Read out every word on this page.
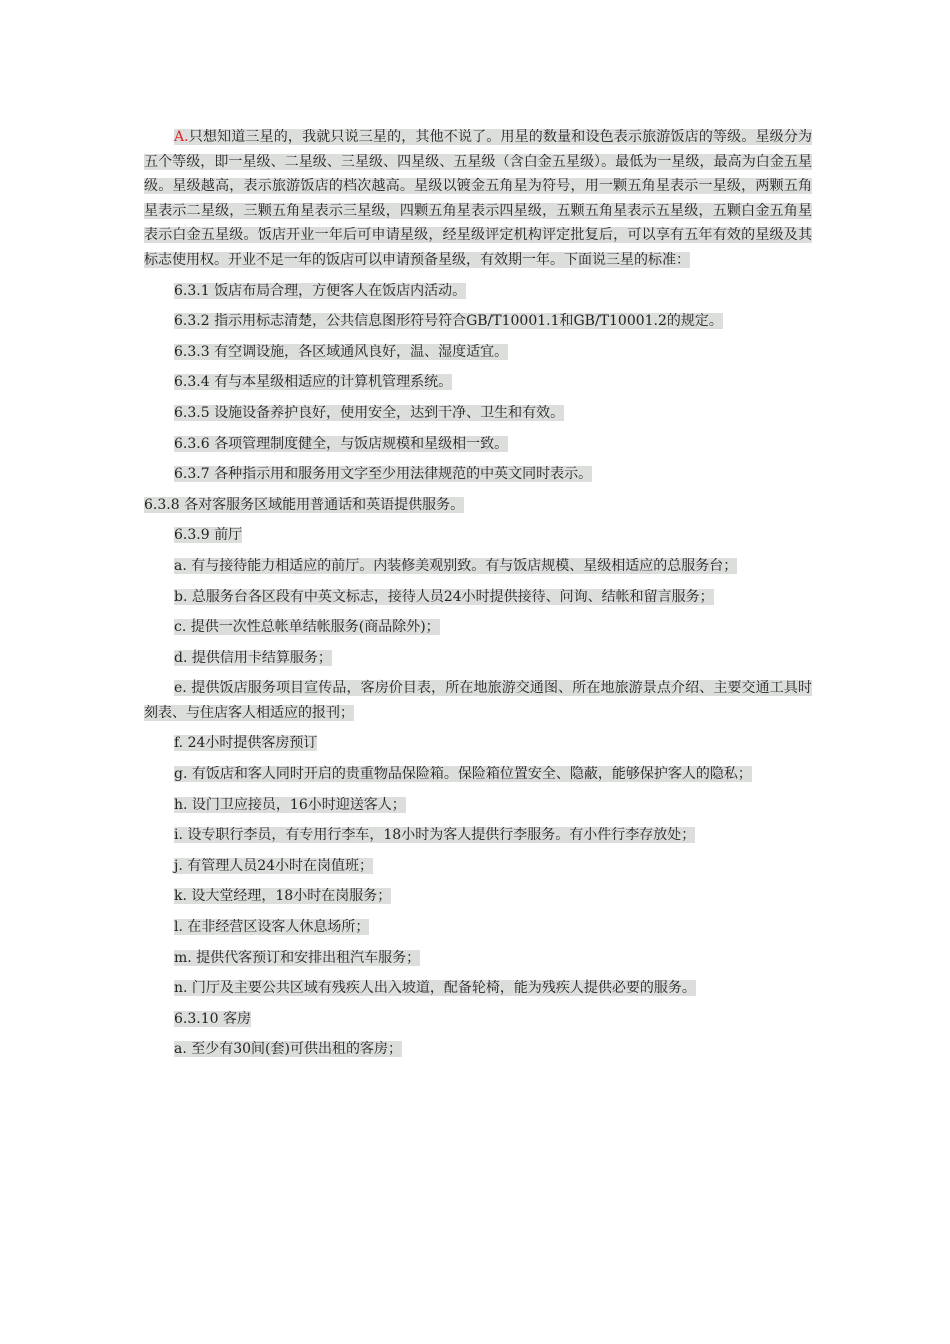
A.只想知道三星的，我就只说三星的，其他不说了。用星的数量和设色表示旅游饭店的等级。星级分为五个等级，即一星级、二星级、三星级、四星级、五星级（含白金五星级）。最低为一星级，最高为白金五星级。星级越高，表示旅游饭店的档次越高。星级以镀金五角星为符号，用一颗五角星表示一星级，两颗五角星表示二星级，三颗五角星表示三星级，四颗五角星表示四星级，五颗五角星表示五星级，五颗白金五角星表示白金五星级。饭店开业一年后可申请星级，经星级评定机构评定批复后，可以享有五年有效的星级及其标志使用权。开业不足一年的饭店可以申请预备星级，有效期一年。下面说三星的标准：

6.3.1 饭店布局合理，方便客人在饭店内活动。

6.3.2 指示用标志清楚，公共信息图形符号符合GB/T10001.1和GB/T10001.2的规定。

6.3.3 有空调设施，各区域通风良好，温、湿度适宜。

6.3.4 有与本星级相适应的计算机管理系统。

6.3.5 设施设备养护良好，使用安全，达到干净、卫生和有效。

6.3.6 各项管理制度健全，与饭店规模和星级相一致。

6.3.7 各种指示用和服务用文字至少用法律规范的中英文同时表示。

6.3.8 各对客服务区域能用普通话和英语提供服务。

6.3.9 前厅

a. 有与接待能力相适应的前厅。内装修美观别致。有与饭店规模、星级相适应的总服务台；

b. 总服务台各区段有中英文标志，接待人员24小时提供接待、问询、结帐和留言服务；

c. 提供一次性总帐单结帐服务(商品除外)；

d. 提供信用卡结算服务；

e. 提供饭店服务项目宣传品，客房价目表，所在地旅游交通图、所在地旅游景点介绍、主要交通工具时刻表、与住店客人相适应的报刊；

f. 24小时提供客房预订

g. 有饭店和客人同时开启的贵重物品保险箱。保险箱位置安全、隐蔽，能够保护客人的隐私；

h. 设门卫应接员，16小时迎送客人；

i. 设专职行李员，有专用行李车，18小时为客人提供行李服务。有小件行李存放处；

j. 有管理人员24小时在岗值班；

k. 设大堂经理，18小时在岗服务；

l. 在非经营区设客人休息场所；

m. 提供代客预订和安排出租汽车服务；

n. 门厅及主要公共区域有残疾人出入坡道，配备轮椅，能为残疾人提供必要的服务。

6.3.10 客房

a. 至少有30间(套)可供出租的客房；
